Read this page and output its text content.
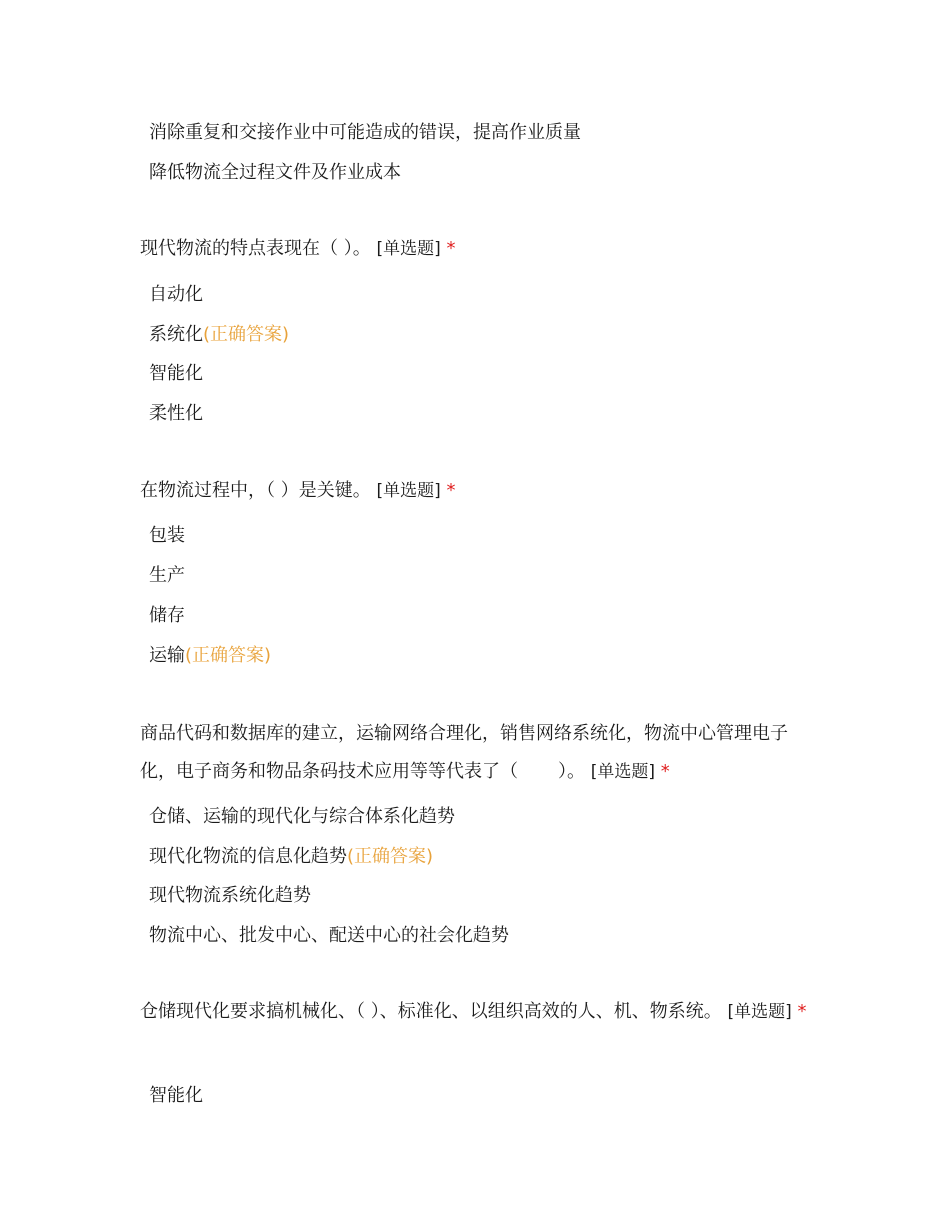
消除重复和交接作业中可能造成的错误，提高作业质量
降低物流全过程文件及作业成本
现代物流的特点表现在（ ）。 [单选题] *
自动化
系统化(正确答案)
智能化
柔性化
在物流过程中，（ ）是关键。 [单选题] *
包装
生产
储存
运输(正确答案)
商品代码和数据库的建立，运输网络合理化，销售网络系统化，物流中心管理电子化，电子商务和物品条码技术应用等等代表了（ ）。 [单选题] *
仓储、运输的现代化与综合体系化趋势
现代化物流的信息化趋势(正确答案)
现代物流系统化趋势
物流中心、批发中心、配送中心的社会化趋势
仓储现代化要求搞机械化、（ ）、标准化、以组织高效的人、机、物系统。 [单选题] *
智能化
